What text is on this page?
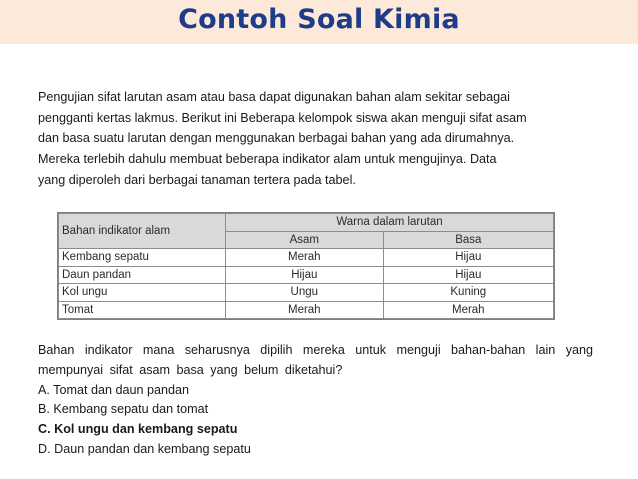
Contoh Soal Kimia

Pengujian sifat larutan asam atau basa dapat digunakan bahan alam sekitar sebagai

pengganti kertas lakmus. Berikut ini Beberapa kelompok siswa akan menguji sifat asam

dan basa suatu larutan dengan menggunakan berbagai bahan yang ada dirumahnya.

Mereka terlebih dahulu membuat beberapa indikator alam untuk mengujinya. Data

yang diperoleh dari berbagai tanaman tertera pada tabel.

Bahan indikator alam	Warna dalam larutan	
	Asam	Basa
Kembang sepatu	Merah	Hijau
Daun pandan	Hijau	Hijau
Kol ungu	Ungu	Kuning
Tomat	Merah	Merah

Bahan indikator mana seharusnya dipilih mereka untuk menguji bahan-bahan lain yang mempunyai sifat asam basa yang belum diketahui?

A. Tomat dan daun pandan

B. Kembang sepatu dan tomat

C. Kol ungu dan kembang sepatu

D. Daun pandan dan kembang sepatu
